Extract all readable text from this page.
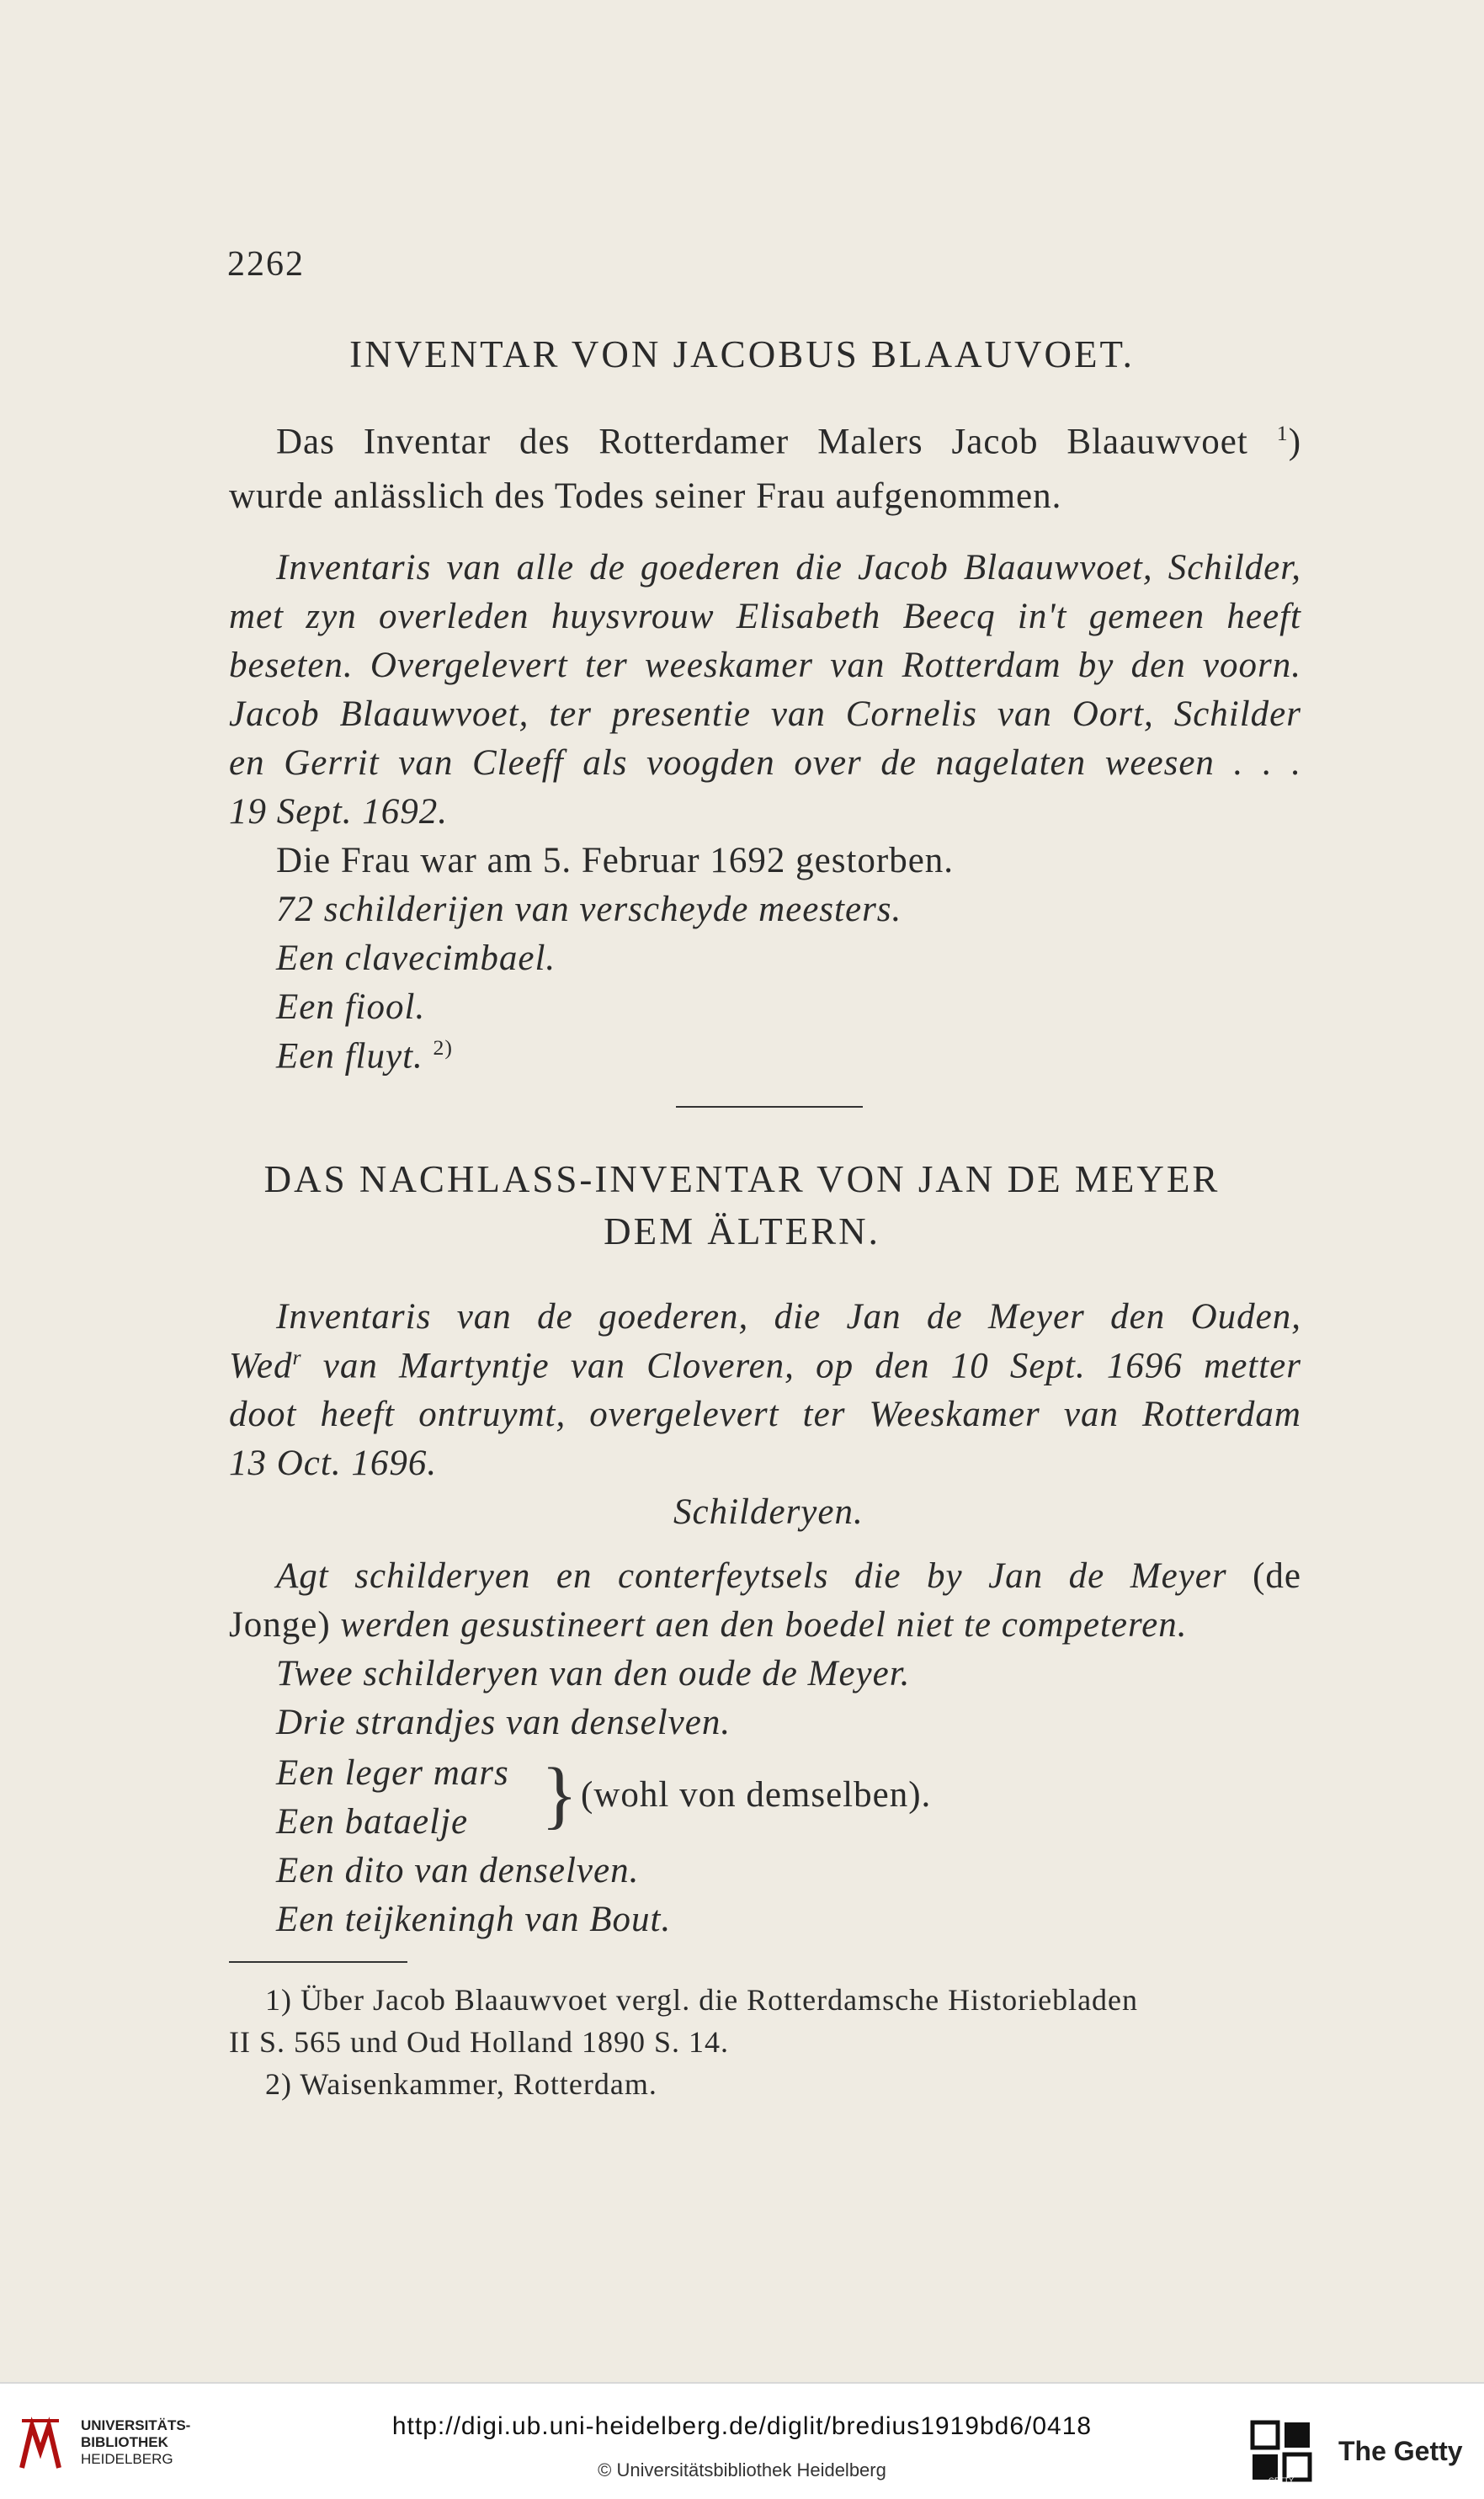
2262
INVENTAR VON JACOBUS BLAAUVOET.
Das Inventar des Rotterdamer Malers Jacob Blaauwvoet $^1$)
wurde anlässlich des Todes seiner Frau aufgenommen.
Inventaris van alle de goederen die Jacob Blaauwvoet, Schilder,
met zyn overleden huysvrouw Elisabeth Beecq in't gemeen heeft
beseten. Overgelevert ter weeskamer van Rotterdam by den voorn.
Jacob Blaauwvoet, ter presentie van Cornelis van Oort, Schilder
en Gerrit van Cleeff als voogden over de nagelaten weesen . . .
19 Sept. 1692.
Die Frau war am 5. Februar 1692 gestorben.
72 schilderijen van verscheyde meesters.
Een clavecimbael.
Een fiool.
Een fluyt. $^{2)}$
DAS NACHLASS-INVENTAR VON JAN DE MEYER
DEM ÄLTERN.
Inventaris van de goederen, die Jan de Meyer den Ouden,
Wed$^r$ van Martyntje van Cloveren, op den 10 Sept. 1696 metter
doot heeft ontruymt, overgelevert ter Weeskamer van Rotterdam
13 Oct. 1696.
Schilderyen.
Agt schilderyen en conterfeytsels die by Jan de Meyer (de
Jonge) werden gesustineert aen den boedel niet te competeren.
Twee schilderyen van den oude de Meyer.
Drie strandjes van denselven.
Een leger mars
Een bataelje } (wohl von demselben).
Een dito van denselven.
Een teijkeningh van Bout.
1) Über Jacob Blaauwvoet vergl. die Rotterdamsche Historiebladen
II S. 565 und Oud Holland 1890 S. 14.
2) Waisenkammer, Rotterdam.
UNIVERSITÄTS-
BIBLIOTHEK
HEIDELBERG
http://digi.ub.uni-heidelberg.de/diglit/bredius1919bd6/0418
© Universitätsbibliothek Heidelberg	GETTY
The Getty
